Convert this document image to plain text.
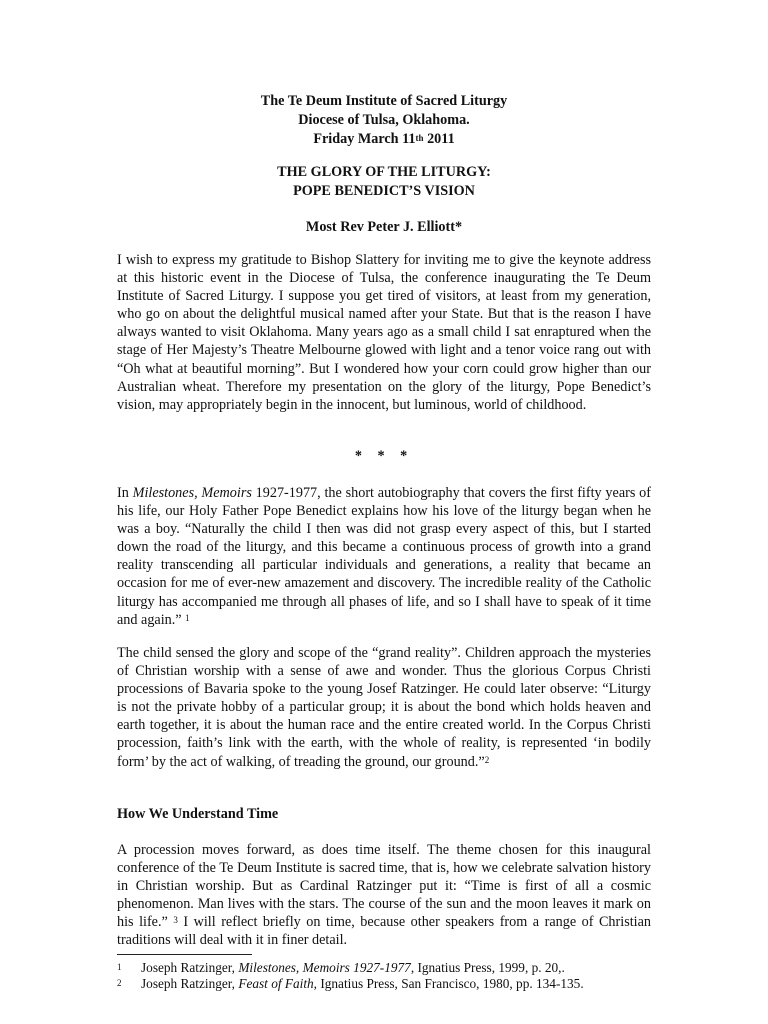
The Te Deum Institute of Sacred Liturgy
Diocese of Tulsa, Oklahoma.
Friday March 11th 2011
THE GLORY OF THE LITURGY:
POPE BENEDICT’S VISION
Most Rev Peter J. Elliott*

I wish to express my gratitude to Bishop Slattery for inviting me to give the keynote address at this historic event in the Diocese of Tulsa, the conference inaugurating the Te Deum Institute of Sacred Liturgy. I suppose you get tired of visitors, at least from my generation, who go on about the delightful musical named after your State. But that is the reason I have always wanted to visit Oklahoma. Many years ago as a small child I sat enraptured when the stage of Her Majesty’s Theatre Melbourne glowed with light and a tenor voice rang out with “Oh what at beautiful morning”. But I wondered how your corn could grow higher than our Australian wheat. Therefore my presentation on the glory of the liturgy, Pope Benedict’s vision, may appropriately begin in the innocent, but luminous, world of childhood.

* * *

In Milestones, Memoirs 1927-1977, the short autobiography that covers the first fifty years of his life, our Holy Father Pope Benedict explains how his love of the liturgy began when he was a boy. “Naturally the child I then was did not grasp every aspect of this, but I started down the road of the liturgy, and this became a continuous process of growth into a grand reality transcending all particular individuals and generations, a reality that became an occasion for me of ever-new amazement and discovery. The incredible reality of the Catholic liturgy has accompanied me through all phases of life, and so I shall have to speak of it time and again.” $^1$

The child sensed the glory and scope of the “grand reality”. Children approach the mysteries of Christian worship with a sense of awe and wonder. Thus the glorious Corpus Christi processions of Bavaria spoke to the young Josef Ratzinger. He could later observe: “Liturgy is not the private hobby of a particular group; it is about the bond which holds heaven and earth together, it is about the human race and the entire created world. In the Corpus Christi procession, faith’s link with the earth, with the whole of reality, is represented ‘in bodily form’ by the act of walking, of treading the ground, our ground.”$^2$

How We Understand Time

A procession moves forward, as does time itself. The theme chosen for this inaugural conference of the Te Deum Institute is sacred time, that is, how we celebrate salvation history in Christian worship. But as Cardinal Ratzinger put it: “Time is first of all a cosmic phenomenon. Man lives with the stars. The course of the sun and the moon leaves it mark on his life.” $^3$ I will reflect briefly on time, because other speakers from a range of Christian traditions will deal with it in finer detail.

1 Joseph Ratzinger, Milestones, Memoirs 1927-1977, Ignatius Press, 1999, p. 20,.
2 Joseph Ratzinger, Feast of Faith, Ignatius Press, San Francisco, 1980, pp. 134-135.
